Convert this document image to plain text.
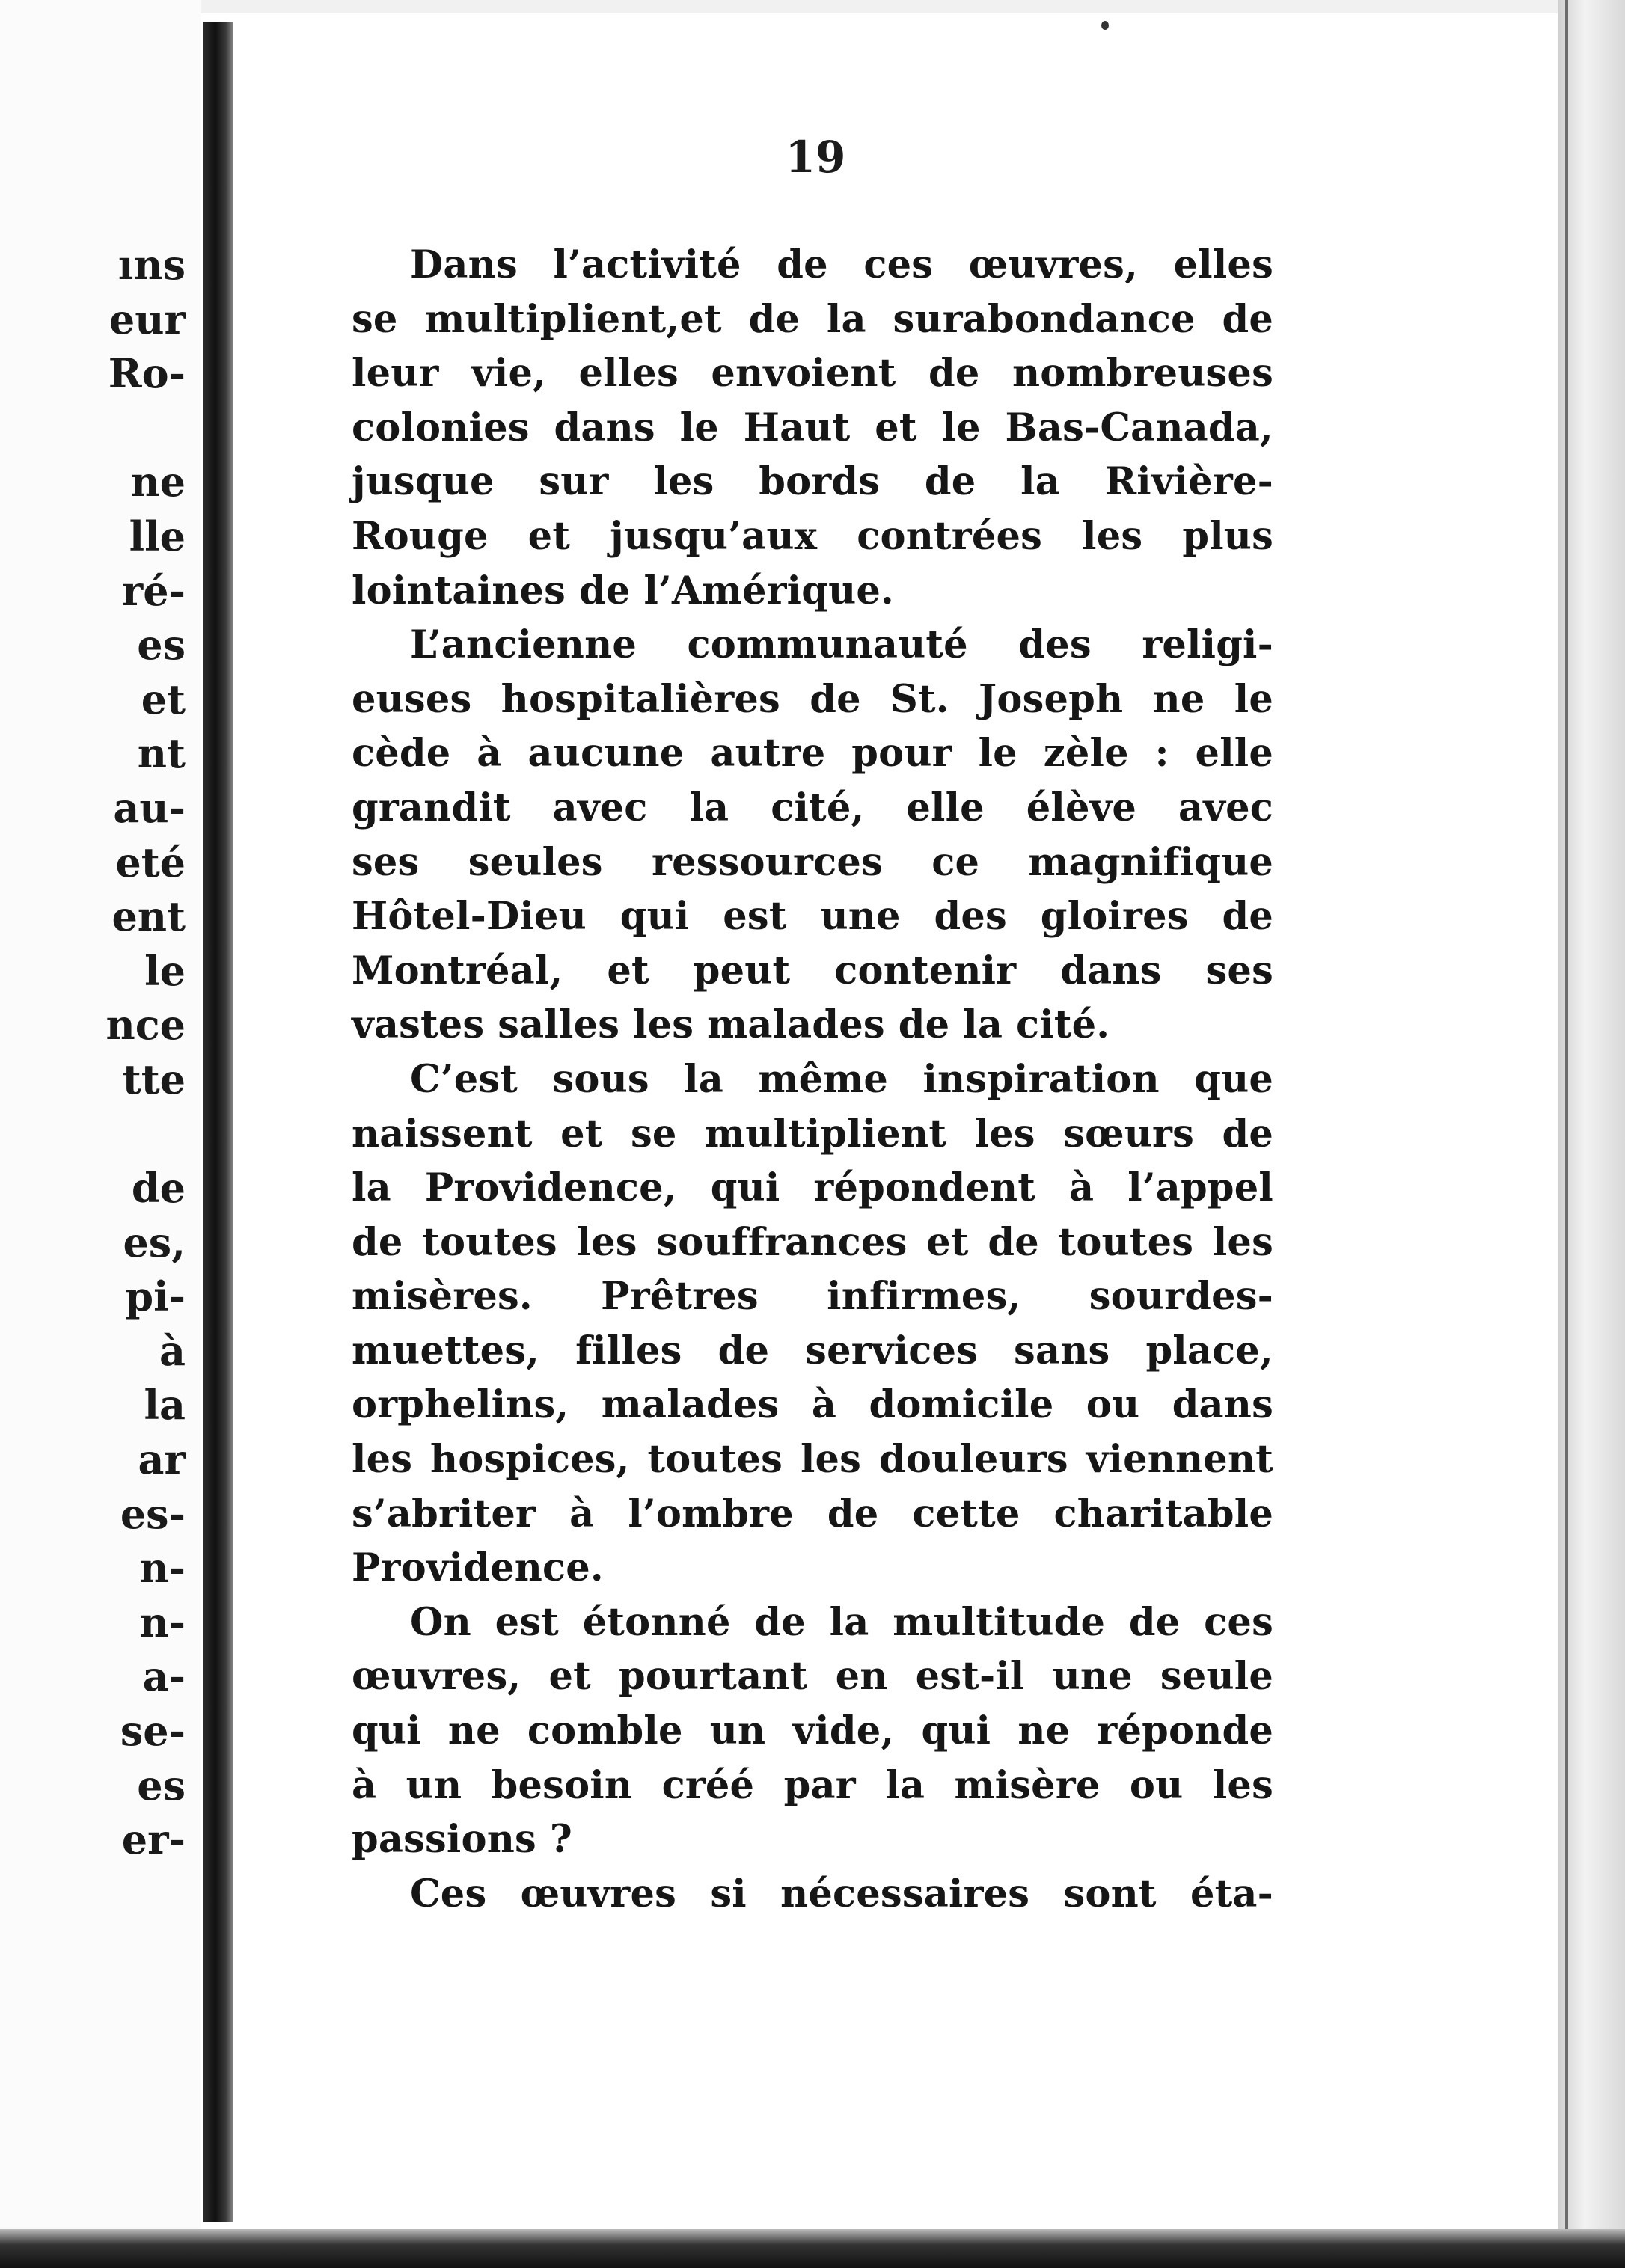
ıns
eur
Ro-
ne
lle
ré-
es
et
nt
au-
eté
ent
le
nce
tte
de
es,
pi-
à
la
ar
es-
n-
n-
a-
se-
es
er-
19
Dans l’activité de ces œuvres, elles
se multiplient,et de la surabondance de
leur vie, elles envoient de nombreuses
colonies dans le Haut et le Bas-Canada,
jusque sur les bords de la Rivière-
Rouge et jusqu’aux contrées les plus
lointaines de l’Amérique.
L’ancienne communauté des religi-
euses hospitalières de St. Joseph ne le
cède à aucune autre pour le zèle : elle
grandit avec la cité, elle élève avec
ses seules ressources ce magnifique
Hôtel-Dieu qui est une des gloires de
Montréal, et peut contenir dans ses
vastes salles les malades de la cité.
C’est sous la même inspiration que
naissent et se multiplient les sœurs de
la Providence, qui répondent à l’appel
de toutes les souffrances et de toutes les
misères. Prêtres infirmes, sourdes-
muettes, filles de services sans place,
orphelins, malades à domicile ou dans
les hospices, toutes les douleurs viennent
s’abriter à l’ombre de cette charitable
Providence.
On est étonné de la multitude de ces
œuvres, et pourtant en est-il une seule
qui ne comble un vide, qui ne réponde
à un besoin créé par la misère ou les
passions ?
Ces œuvres si nécessaires sont éta-
